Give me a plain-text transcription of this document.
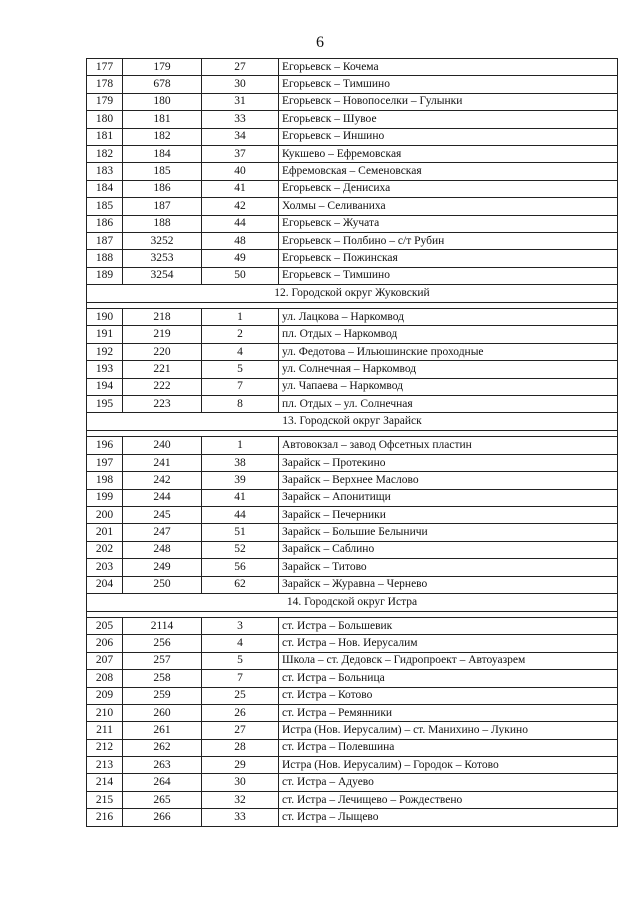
6
177	179	27	Егорьевск – Кочема
178	678	30	Егорьевск – Тимшино
179	180	31	Егорьевск – Новопоселки – Гулынки
180	181	33	Егорьевск – Шувое
181	182	34	Егорьевск – Иншино
182	184	37	Кукшево – Ефремовская
183	185	40	Ефремовская – Семеновская
184	186	41	Егорьевск – Денисиха
185	187	42	Холмы – Селиваниха
186	188	44	Егорьевск – Жучата
187	3252	48	Егорьевск – Полбино – с/т Рубин
188	3253	49	Егорьевск – Пожинская
189	3254	50	Егорьевск – Тимшино
12. Городской округ Жуковский			

190	218	1	ул. Лацкова – Наркомвод
191	219	2	пл. Отдых – Наркомвод
192	220	4	ул. Федотова – Ильюшинские проходные
193	221	5	ул. Солнечная – Наркомвод
194	222	7	ул. Чапаева – Наркомвод
195	223	8	пл. Отдых – ул. Солнечная
13. Городской округ Зарайск			

196	240	1	Автовокзал – завод Офсетных пластин
197	241	38	Зарайск – Протекино
198	242	39	Зарайск – Верхнее Маслово
199	244	41	Зарайск – Апонитищи
200	245	44	Зарайск – Печерники
201	247	51	Зарайск – Большие Белыничи
202	248	52	Зарайск – Саблино
203	249	56	Зарайск – Титово
204	250	62	Зарайск – Журавна – Чернево
14. Городской округ Истра			

205	2114	3	ст. Истра – Большевик
206	256	4	ст. Истра – Нов. Иерусалим
207	257	5	Школа – ст. Дедовск – Гидропроект – Автоуазрем
208	258	7	ст. Истра – Больница
209	259	25	ст. Истра – Котово
210	260	26	ст. Истра – Ремянники
211	261	27	Истра (Нов. Иерусалим) – ст. Манихино – Лукино
212	262	28	ст. Истра – Полевшина
213	263	29	Истра (Нов. Иерусалим) – Городок – Котово
214	264	30	ст. Истра – Адуево
215	265	32	ст. Истра – Лечищево – Рождествено
216	266	33	ст. Истра – Лыщево
